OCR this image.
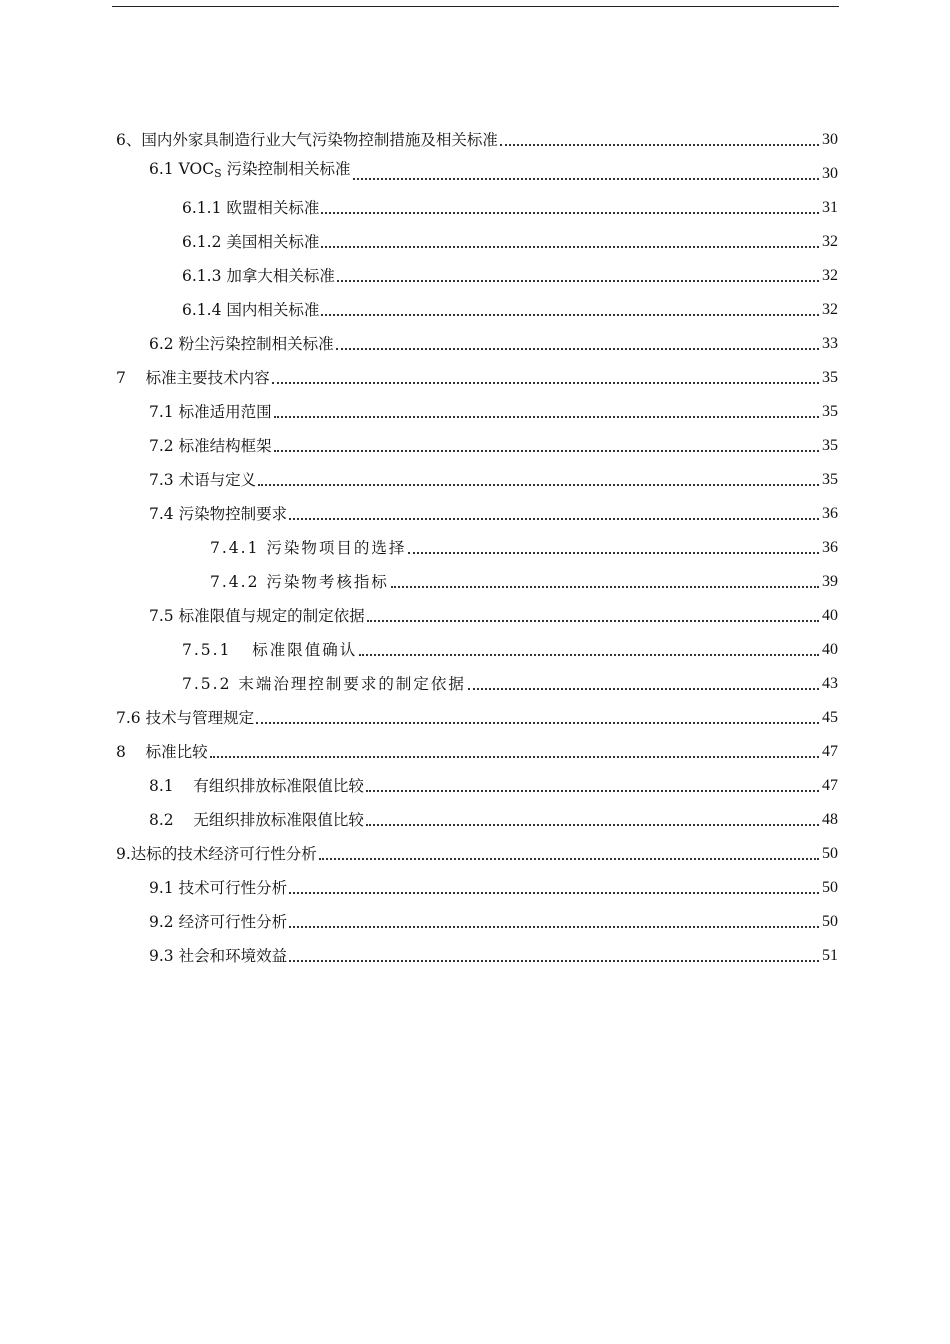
6、国内外家具制造行业大气污染物控制措施及相关标准	30
6.1 $VOC_S$ 污染控制相关标准	30
6.1.1 欧盟相关标准	31
6.1.2 美国相关标准	32
6.1.3 加拿大相关标准	32
6.1.4 国内相关标准	32
6.2 粉尘污染控制相关标准	33
7    标准主要技术内容	35
7.1 标准适用范围	35
7.2 标准结构框架	35
7.3 术语与定义	35
7.4 污染物控制要求	36
7.4.1 污染物项目的选择	36
7.4.2 污染物考核指标	39
7.5 标准限值与规定的制定依据	40
7.5.1   标准限值确认	40
7.5.2 末端治理控制要求的制定依据	43
7.6 技术与管理规定	45
8    标准比较	47
8.1    有组织排放标准限值比较	47
8.2    无组织排放标准限值比较	48
9.达标的技术经济可行性分析	50
9.1 技术可行性分析	50
9.2 经济可行性分析	50
9.3 社会和环境效益	51
